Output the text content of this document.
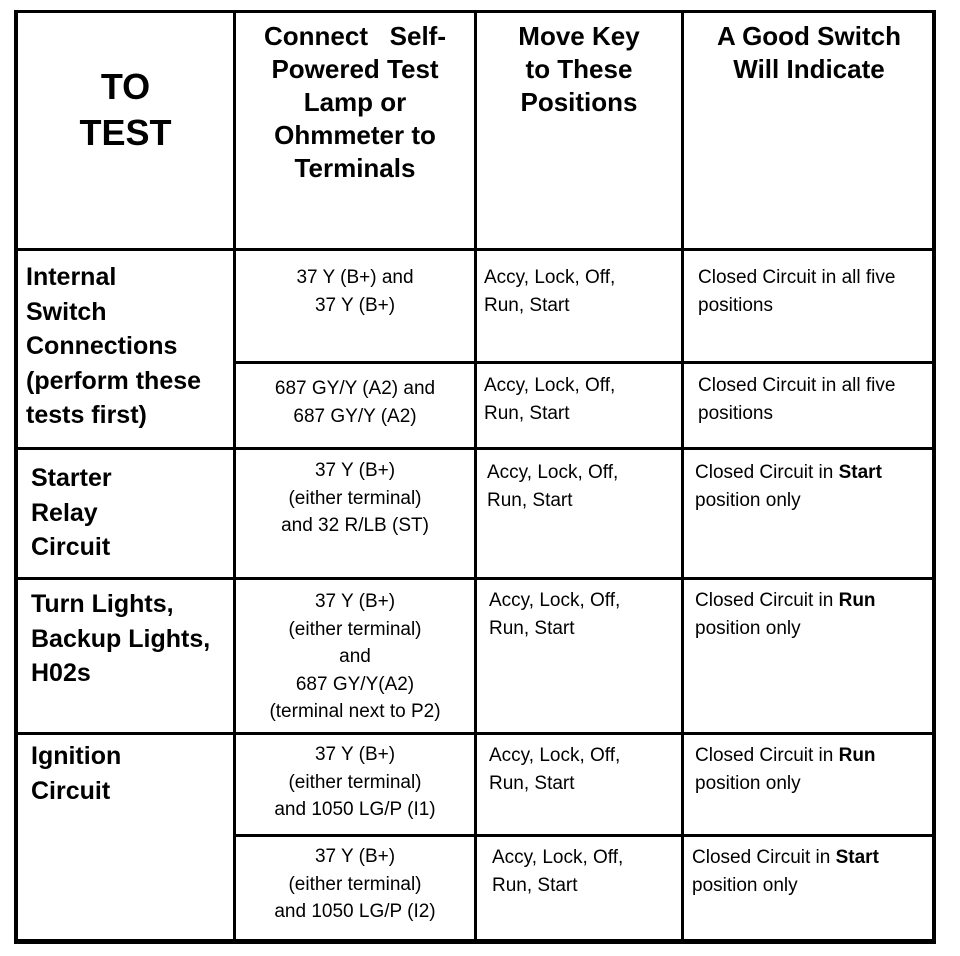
TO
TEST
Connect   Self-
Powered Test
Lamp or
Ohmmeter to
Terminals
Move Key
to These
Positions
A Good Switch
Will Indicate
Internal
Switch
Connections
(perform these
tests first)
37 Y (B+) and
37 Y (B+)
Accy, Lock, Off,
Run, Start
Closed Circuit in all five
positions
687 GY/Y (A2) and
687 GY/Y (A2)
Accy, Lock, Off,
Run, Start
Closed Circuit in all five
positions
Starter
Relay
Circuit
37 Y (B+)
(either terminal)
and 32 R/LB (ST)
Accy, Lock, Off,
Run, Start
Closed Circuit in Start
position only
Turn Lights,
Backup Lights,
H02s
37 Y (B+)
(either terminal)
and
687 GY/Y(A2)
(terminal next to P2)
Accy, Lock, Off,
Run, Start
Closed Circuit in Run
position only
Ignition
Circuit
37 Y (B+)
(either terminal)
and 1050 LG/P (I1)
Accy, Lock, Off,
Run, Start
Closed Circuit in Run
position only
37 Y (B+)
(either terminal)
and 1050 LG/P (I2)
Accy, Lock, Off,
Run, Start
Closed Circuit in Start
position only
